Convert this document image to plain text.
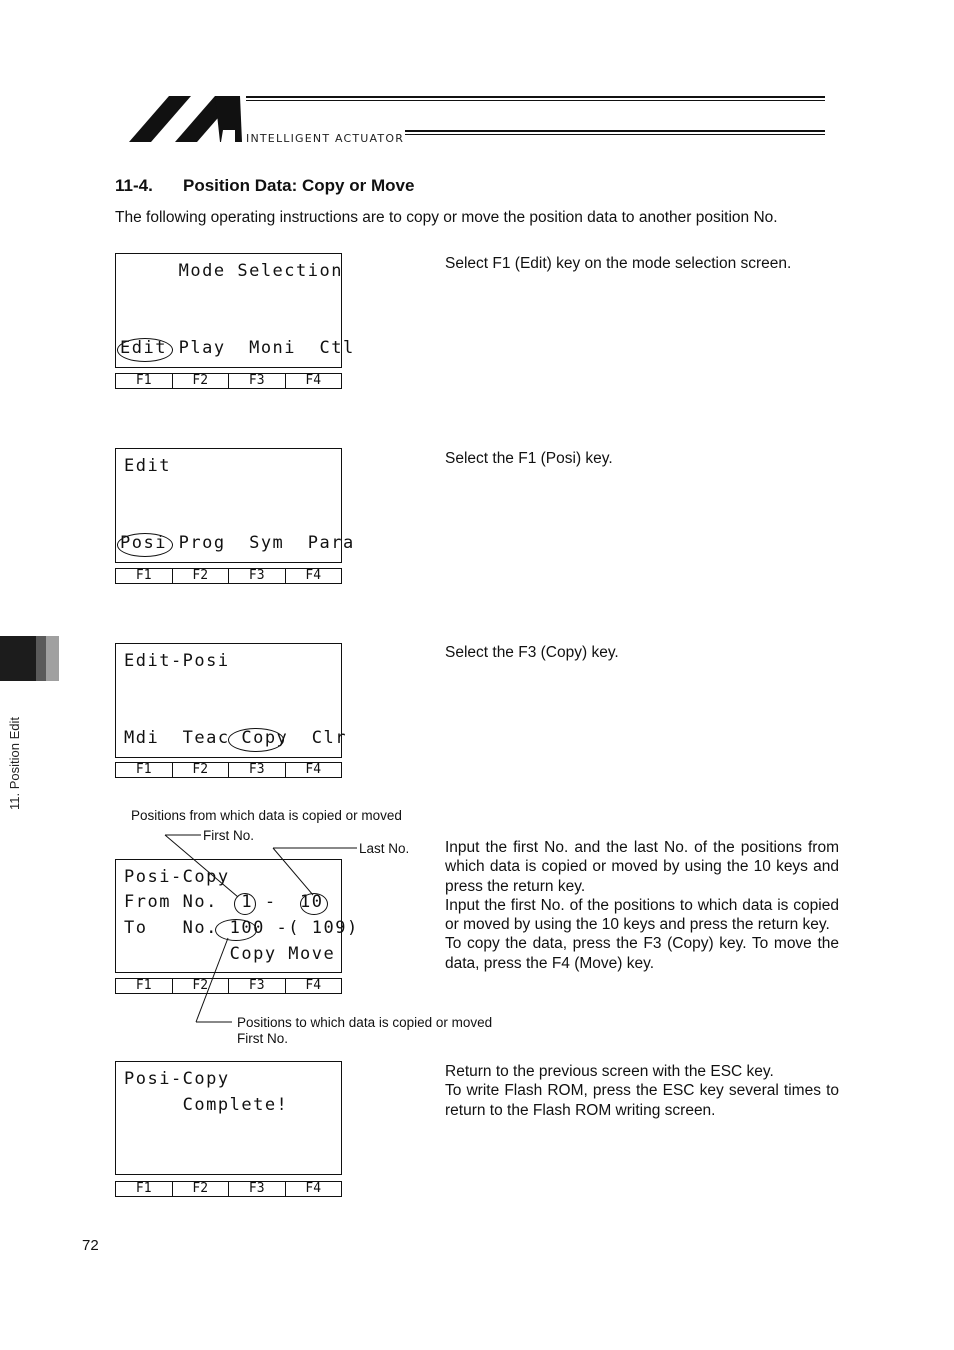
INTELLIGENT ACTUATOR
11-4. Position Data: Copy or Move
The following operating instructions are to copy or move the position data to another position No.
11. Position Edit
Mode Selection
Edit Play  Moni  Ctl
F1	F2	F3	F4

Select F1 (Edit) key on the mode selection screen.

Edit
Posi Prog  Sym  Para
F1	F2	F3	F4

Select the F1 (Posi) key.

Edit-Posi
Mdi  Teac Copy  Clr
F1	F2	F3	F4

Select the F3 (Copy) key.

Positions from which data is copied or moved
First No.
Last No.
Posi-Copy
From No.  1 -  10
To   No. 100 -( 109)
Copy Move
F1	F2	F3	F4
Positions to which data is copied or moved
First No.

Input the first No. and the last No. of the positions from which data is copied or moved by using the 10 keys and press the return key.

Input the first No. of the positions to which data is copied or moved by using the 10 keys and press the return key.

To copy the data, press the F3 (Copy) key. To move the data, press the F4 (Move) key.

Posi-Copy
Complete!
F1	F2	F3	F4

Return to the previous screen with the ESC key.

To write Flash ROM, press the ESC key several times to return to the Flash ROM writing screen.

72
